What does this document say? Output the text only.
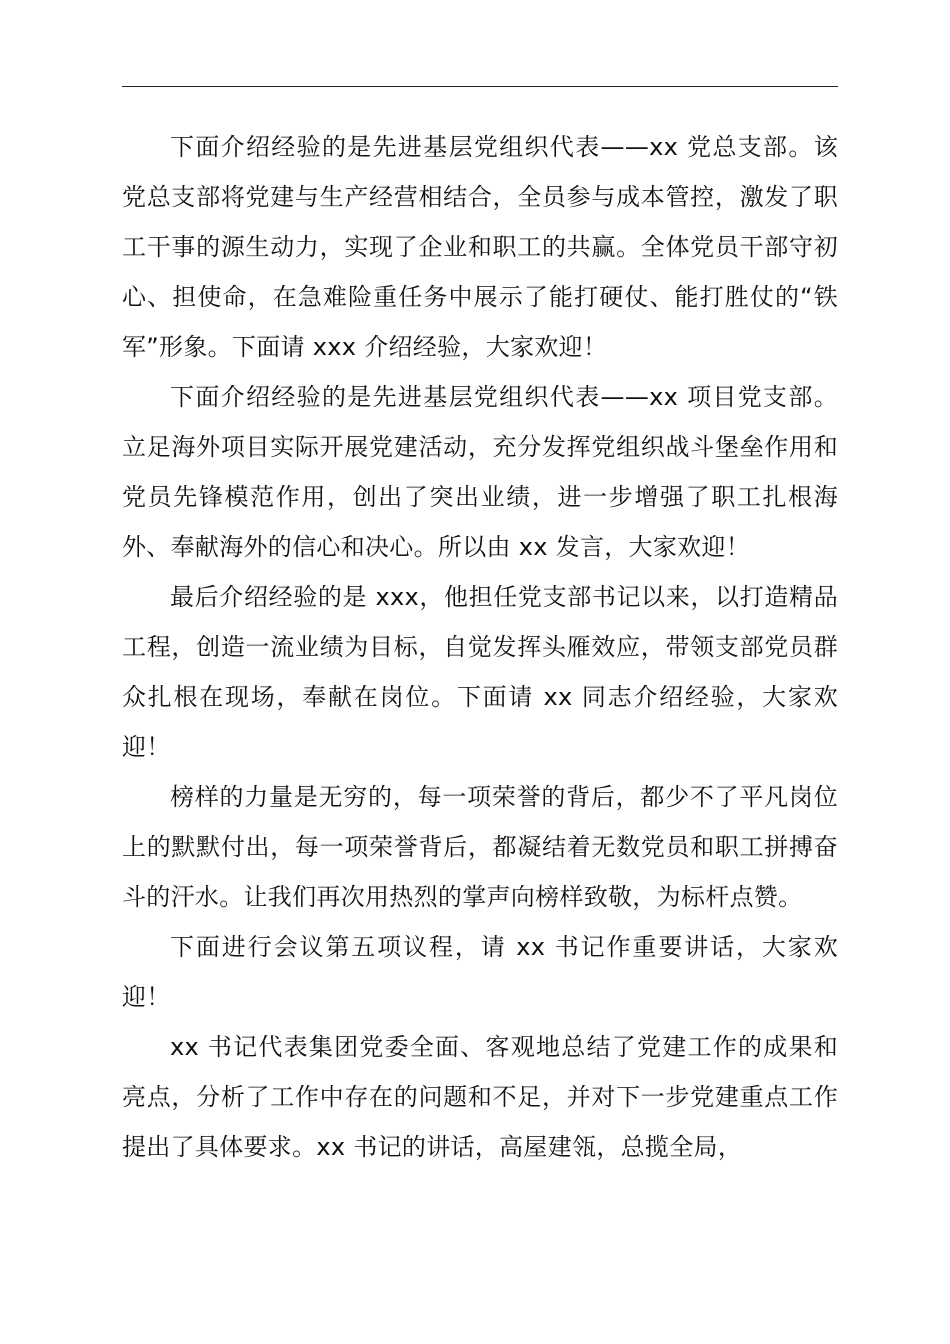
下面介绍经验的是先进基层党组织代表——xx 党总支部。该党总支部将党建与生产经营相结合，全员参与成本管控，激发了职工干事的源生动力，实现了企业和职工的共赢。全体党员干部守初心、担使命，在急难险重任务中展示了能打硬仗、能打胜仗的“铁军”形象。下面请 xxx 介绍经验，大家欢迎！

下面介绍经验的是先进基层党组织代表——xx 项目党支部。立足海外项目实际开展党建活动，充分发挥党组织战斗堡垒作用和党员先锋模范作用，创出了突出业绩，进一步增强了职工扎根海外、奉献海外的信心和决心。所以由 xx 发言，大家欢迎！

最后介绍经验的是 xxx，他担任党支部书记以来，以打造精品工程，创造一流业绩为目标，自觉发挥头雁效应，带领支部党员群众扎根在现场，奉献在岗位。下面请 xx 同志介绍经验，大家欢迎！

榜样的力量是无穷的，每一项荣誉的背后，都少不了平凡岗位上的默默付出，每一项荣誉背后，都凝结着无数党员和职工拼搏奋斗的汗水。让我们再次用热烈的掌声向榜样致敬，为标杆点赞。

下面进行会议第五项议程，请 xx 书记作重要讲话，大家欢迎！

xx 书记代表集团党委全面、客观地总结了党建工作的成果和亮点，分析了工作中存在的问题和不足，并对下一步党建重点工作提出了具体要求。xx 书记的讲话，高屋建瓴，总揽全局，
